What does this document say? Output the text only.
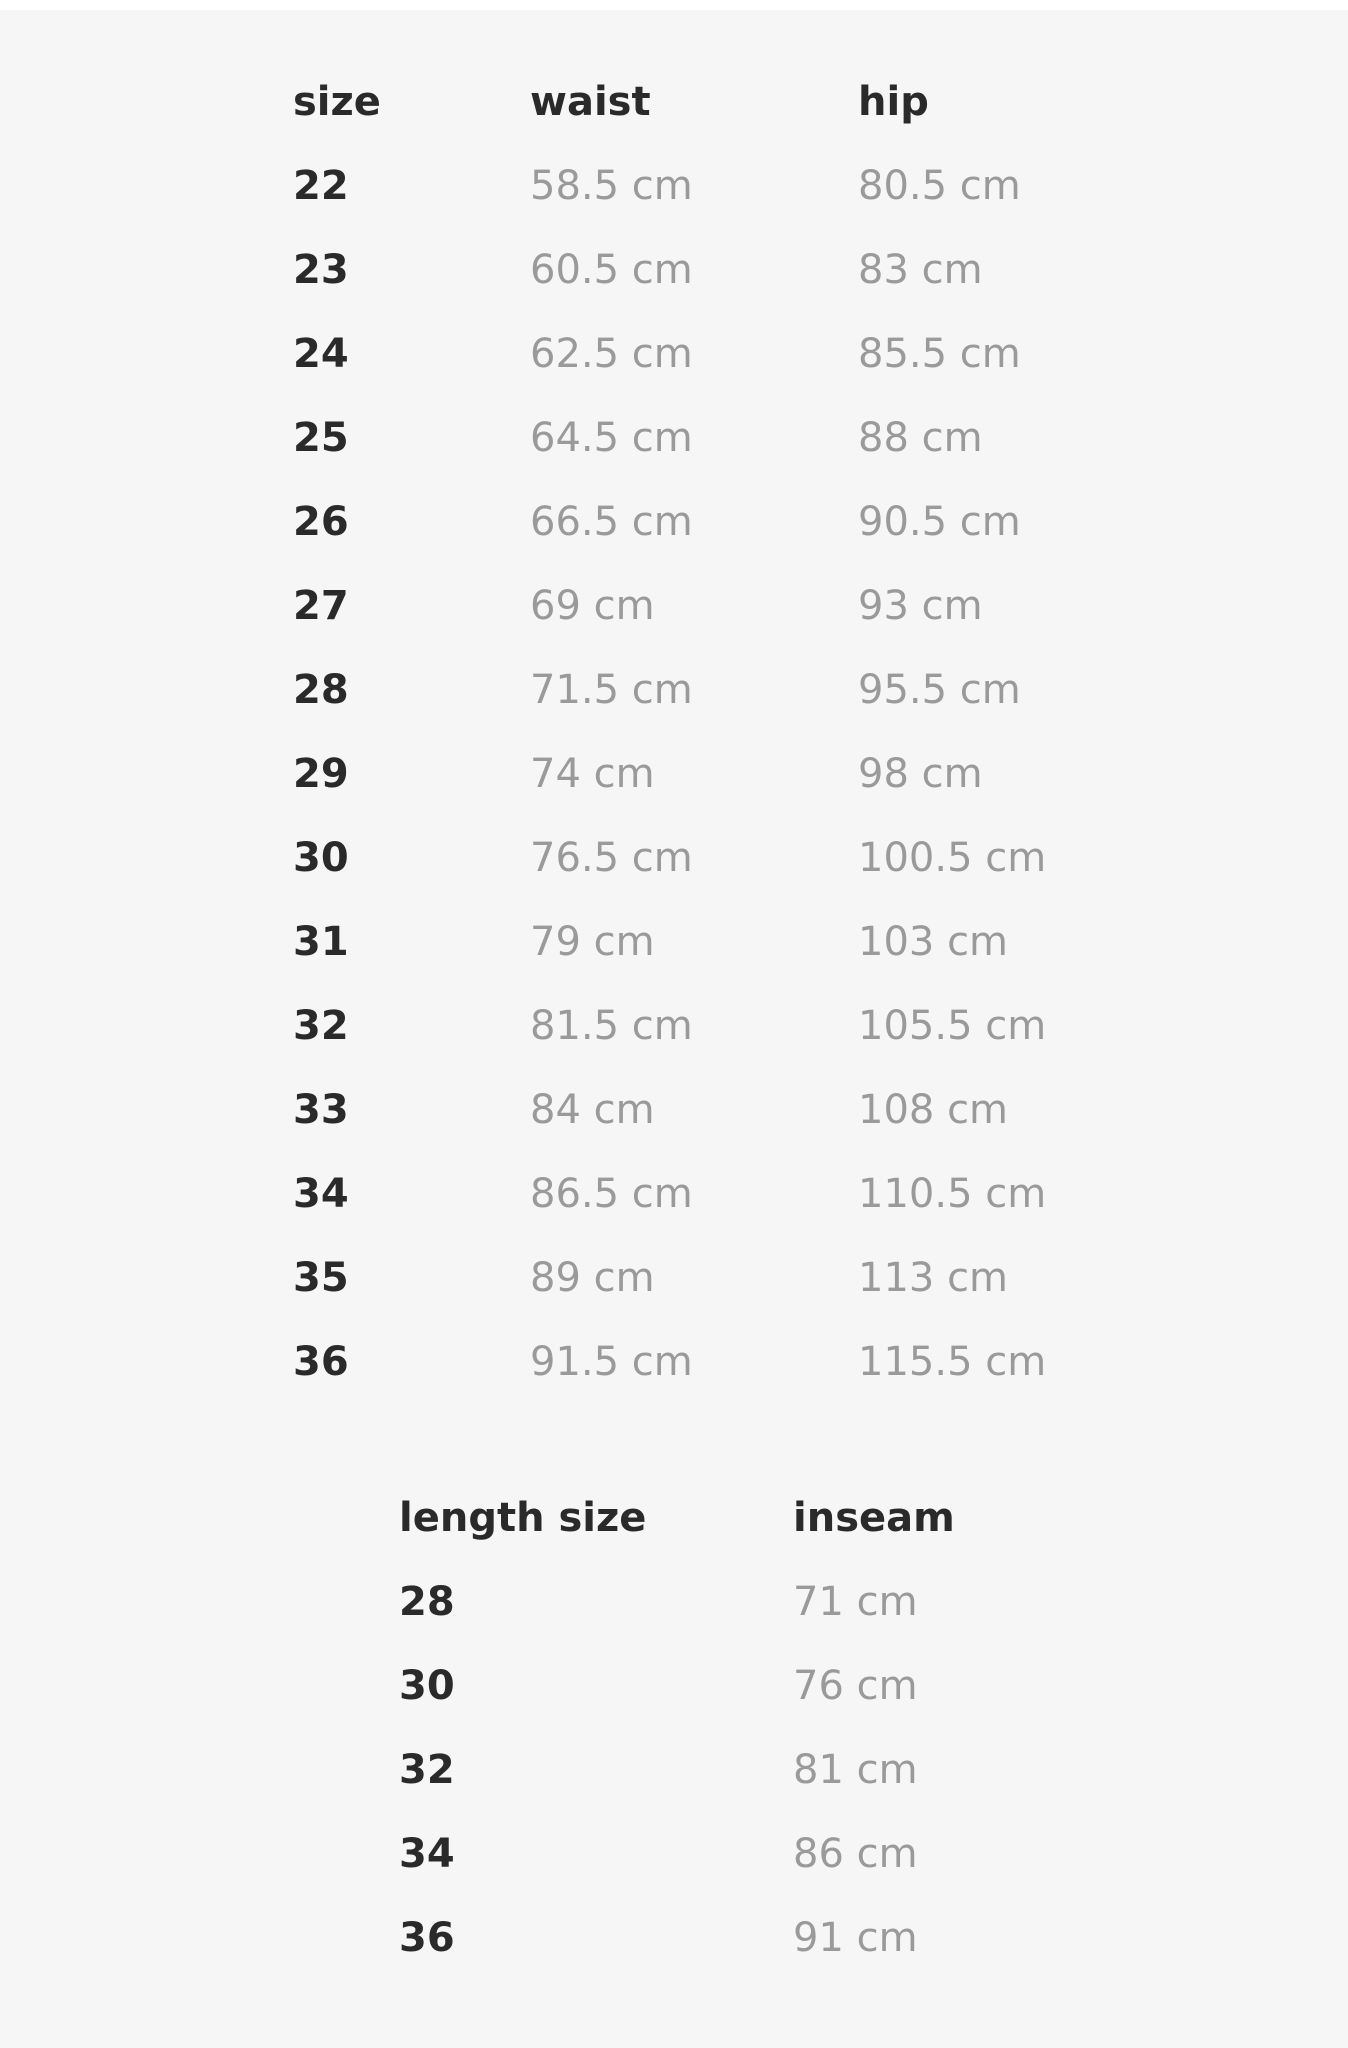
size	waist	hip
22	58.5 cm	80.5 cm
23	60.5 cm	83 cm
24	62.5 cm	85.5 cm
25	64.5 cm	88 cm
26	66.5 cm	90.5 cm
27	69 cm	93 cm
28	71.5 cm	95.5 cm
29	74 cm	98 cm
30	76.5 cm	100.5 cm
31	79 cm	103 cm
32	81.5 cm	105.5 cm
33	84 cm	108 cm
34	86.5 cm	110.5 cm
35	89 cm	113 cm
36	91.5 cm	115.5 cm
length size	inseam
28	71 cm
30	76 cm
32	81 cm
34	86 cm
36	91 cm
